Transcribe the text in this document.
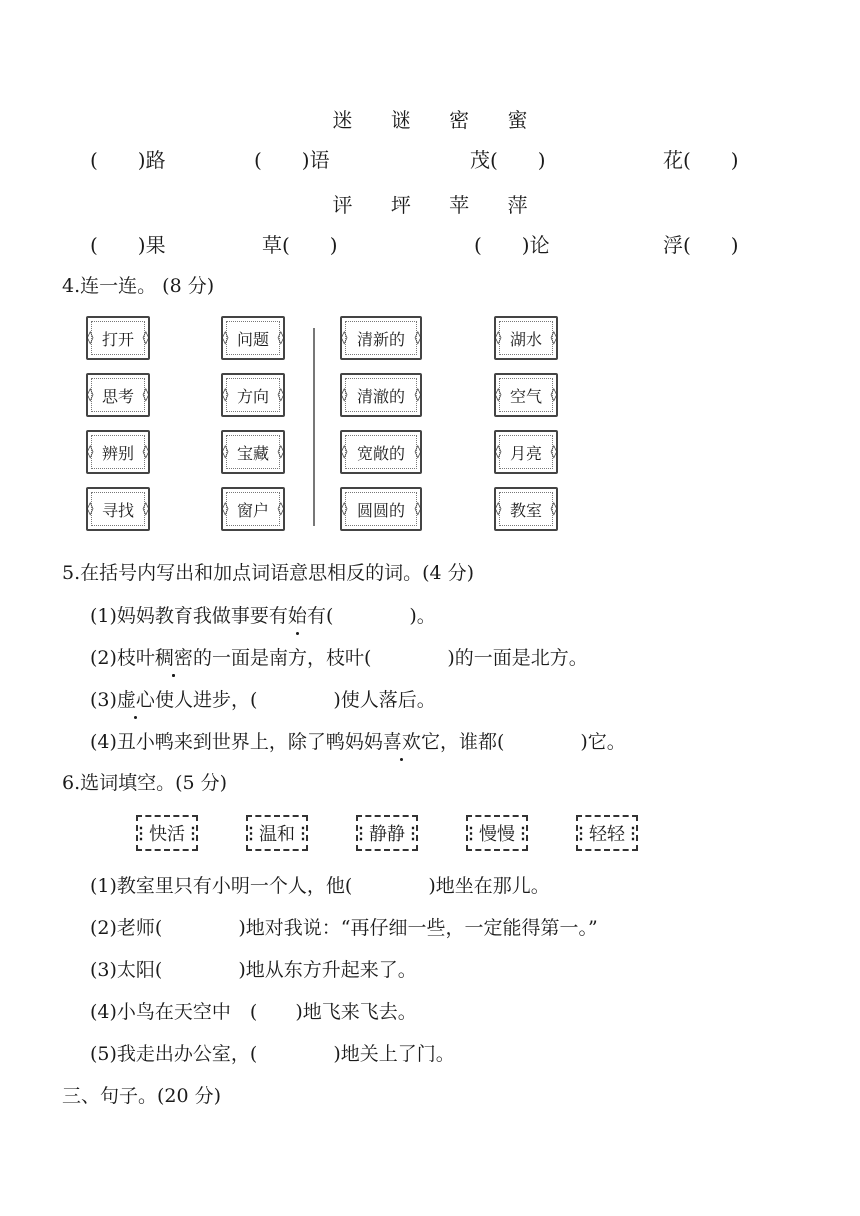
迷 谜 密 蜜
(　　)路	(　　)语	茂(　　)	花(　　)
评 坪 苹 萍
(　　)果	草(　　)	(　　)论	浮(　　)
4.连一连。 (8 分)
◊ 打开 ◊
◊ 思考 ◊
◊ 辨别 ◊
◊ 寻找 ◊
◊ 问题 ◊
◊ 方向 ◊
◊ 宝藏 ◊
◊ 窗户 ◊
◊ 清新的 ◊
◊ 清澈的 ◊
◊ 宽敞的 ◊
◊ 圆圆的 ◊
◊ 湖水 ◊
◊ 空气 ◊
◊ 月亮 ◊
◊ 教室 ◊
5.在括号内写出和加点词语意思相反的词。(4 分)
(1)妈妈教育我做事要有始有(　　　　)。
(2)枝叶稠密的一面是南方，枝叶(　　　　)的一面是北方。
(3)虚心使人进步，(　　　　)使人落后。
(4)丑小鸭来到世界上，除了鸭妈妈喜欢它，谁都(　　　　)它。
6.选词填空。(5 分)
⋮ 快活 ⋮	⋮ 温和 ⋮	⋮ 静静 ⋮	⋮ 慢慢 ⋮	⋮ 轻轻 ⋮
(1)教室里只有小明一个人，他(　　　　)地坐在那儿。
(2)老师(　　　　)地对我说：“再仔细一些，一定能得第一。”
(3)太阳(　　　　)地从东方升起来了。
(4)小鸟在天空中　(　　)地飞来飞去。
(5)我走出办公室，(　　　　)地关上了门。
三、句子。(20 分)
